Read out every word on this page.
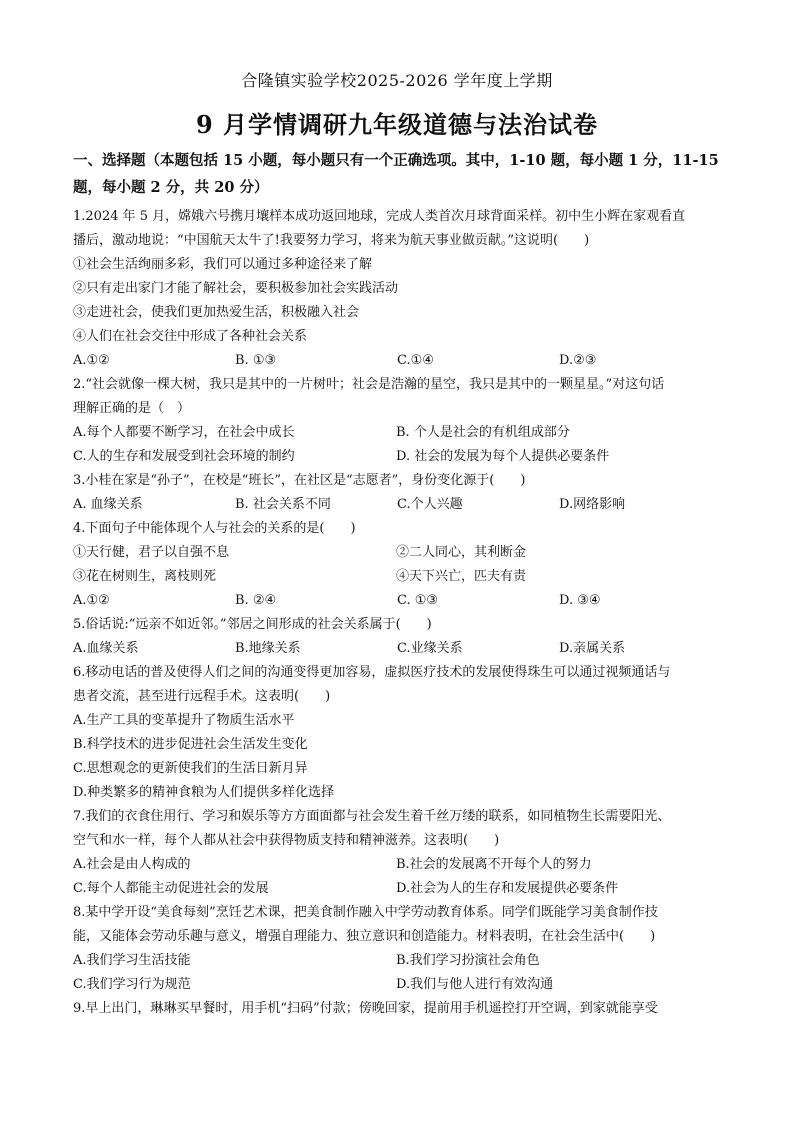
合隆镇实验学校2025-2026 学年度上学期
9 月学情调研九年级道德与法治试卷
一、选择题（本题包括 15 小题，每小题只有一个正确选项。其中，1-10 题，每小题 1 分，11-15
题，每小题 2 分，共 20 分）
1.2024 年 5 月，嫦娥六号携月壤样本成功返回地球，完成人类首次月球背面采样。初中生小辉在家观看直
播后，激动地说：“中国航天太牛了!我要努力学习，将来为航天事业做贡献。”这说明(　　)
①社会生活绚丽多彩，我们可以通过多种途径来了解
②只有走出家门才能了解社会，要积极参加社会实践活动
③走进社会，使我们更加热爱生活，积极融入社会
④人们在社会交往中形成了各种社会关系
A.①②	B. ①③	C.①④	D.②③
2.“社会就像一棵大树，我只是其中的一片树叶；社会是浩瀚的星空，我只是其中的一颗星星。”对这句话
理解正确的是（　）
A.每个人都要不断学习，在社会中成长	B. 个人是社会的有机组成部分
C.人的生存和发展受到社会环境的制约	D. 社会的发展为每个人提供必要条件
3.小桂在家是“孙子”，在校是“班长”，在社区是“志愿者”，身份变化源于(　　)
A. 血缘关系	B. 社会关系不同	C.个人兴趣	D.网络影响
4.下面句子中能体现个人与社会的关系的是(　　)
①天行健，君子以自强不息	②二人同心，其利断金
③花在树则生，离枝则死	④天下兴亡，匹夫有责
A.①②	B. ②④	C. ①③	D. ③④
5.俗话说:“远亲不如近邻。”邻居之间形成的社会关系属于(　　)
A.血缘关系	B.地缘关系	C.业缘关系	D.亲属关系
6.移动电话的普及使得人们之间的沟通变得更加容易，虚拟医疗技术的发展使得珠生可以通过视频通话与
患者交流，甚至进行远程手术。这表明(　　)
A.生产工具的变革提升了物质生活水平
B.科学技术的进步促进社会生活发生变化
C.思想观念的更新使我们的生活日新月异
D.种类繁多的精神食粮为人们提供多样化选择
7.我们的衣食住用行、学习和娱乐等方方面面都与社会发生着千丝万缕的联系，如同植物生长需要阳光、
空气和水一样，每个人都从社会中获得物质支持和精神滋养。这表明(　　)
A.社会是由人构成的	B.社会的发展离不开每个人的努力
C.每个人都能主动促进社会的发展	D.社会为人的生存和发展提供必要条件
8.某中学开设“美食每刻”烹饪艺术课，把美食制作融入中学劳动教育体系。同学们既能学习美食制作技
能，又能体会劳动乐趣与意义，增强自理能力、独立意识和创造能力。材料表明，在社会生活中(　　)
A.我们学习生活技能	B.我们学习扮演社会角色
C.我们学习行为规范	D.我们与他人进行有效沟通
9.早上出门，琳琳买早餐时，用手机“扫码”付款；傍晚回家，提前用手机遥控打开空调，到家就能享受
